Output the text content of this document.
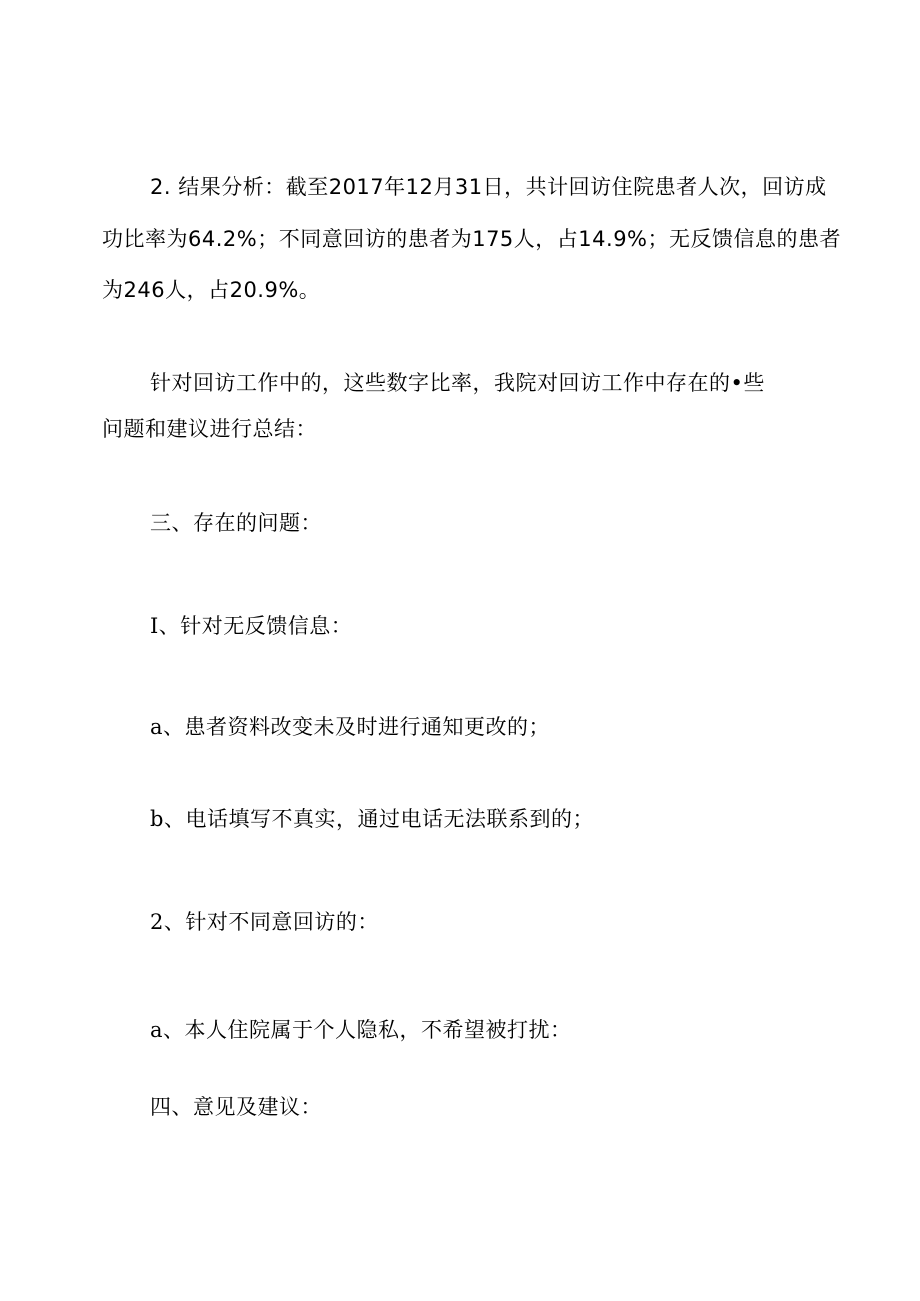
2. 结果分析：截至2017年12月31日，共计回访住院患者人次，回访成
功比率为64.2%；不同意回访的患者为175人，占14.9%；无反馈信息的患者
为246人，占20.9%。
针对回访工作中的，这些数字比率，我院对回访工作中存在的•些
问题和建议进行总结：
三、存在的问题：
I、针对无反馈信息：
a、患者资料改变未及时进行通知更改的；
b、电话填写不真实，通过电话无法联系到的；
2、针对不同意回访的：
a、本人住院属于个人隐私，不希望被打扰：
四、意见及建议：
